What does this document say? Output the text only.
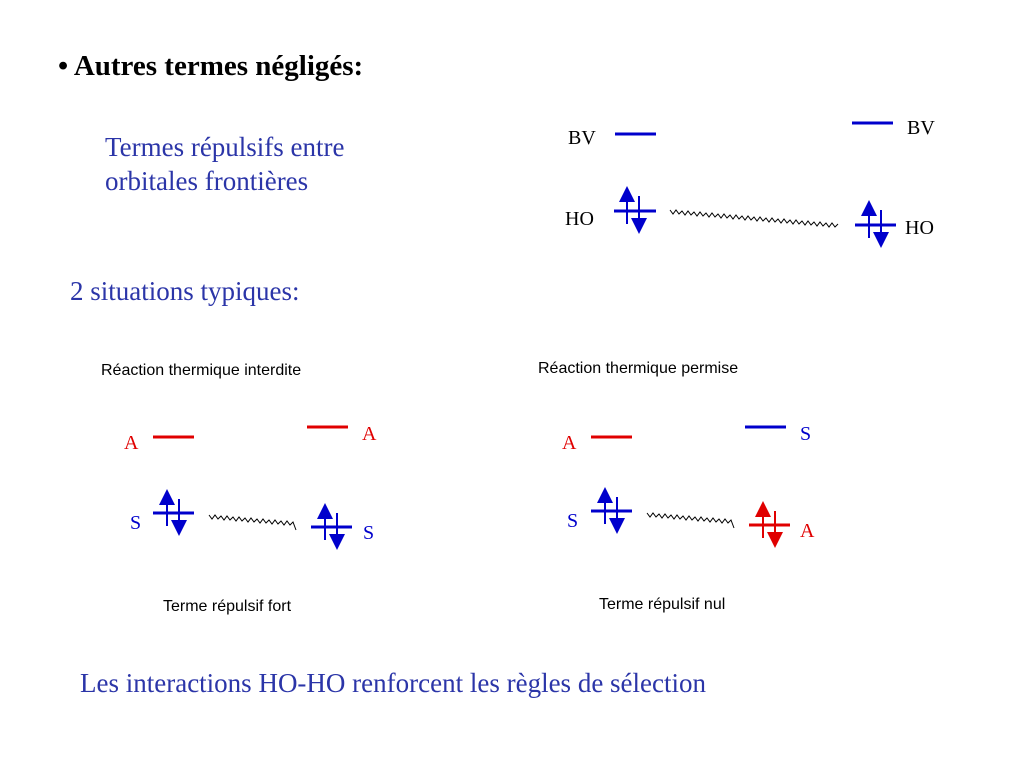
• Autres termes négligés:
Termes répulsifs entre
orbitales frontières
2 situations typiques:
Réaction thermique interdite	Réaction thermique permise
Terme répulsif fort	Terme répulsif nul
Les interactions HO-HO renforcent les règles de sélection
BV	BV
HO	HO
A	A
S	S
A	S
S	A
